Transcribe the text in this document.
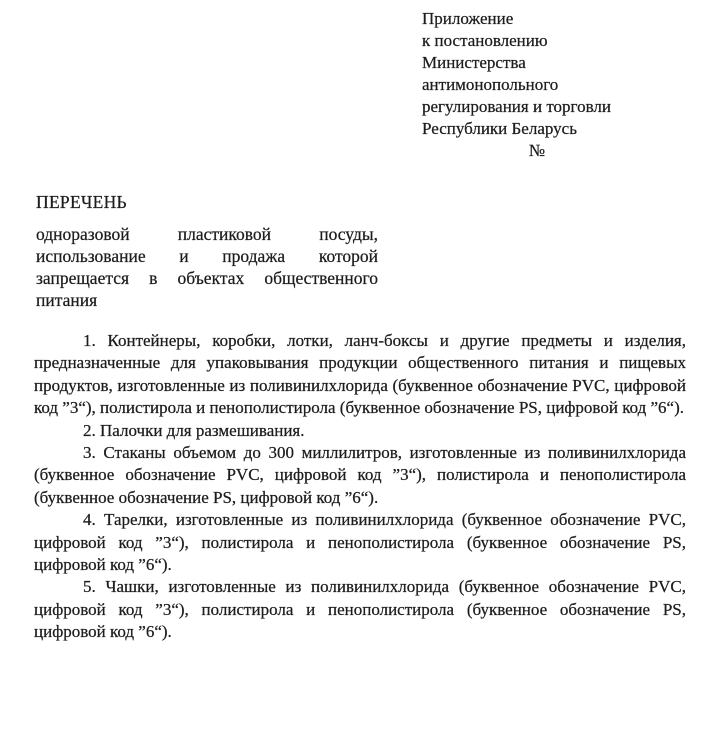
Приложение
к постановлению
Министерства
антимонопольного
регулирования и торговли
Республики Беларусь
№
ПЕРЕЧЕНЬ
одноразовой пластиковой посуды, использование и продажа которой запрещается в объектах общественного питания

1. Контейнеры, коробки, лотки, ланч-боксы и другие предметы и изделия, предназначенные для упаковывания продукции общественного питания и пищевых продуктов, изготовленные из поливинилхлорида (буквенное обозначение PVC, цифровой код ”3“), полистирола и пенополистирола (буквенное обозначение PS, цифровой код ”6“).

2. Палочки для размешивания.

3. Стаканы объемом до 300 миллилитров, изготовленные из поливинилхлорида (буквенное обозначение PVC, цифровой код ”3“), полистирола и пенополистирола (буквенное обозначение PS, цифровой код ”6“).

4. Тарелки, изготовленные из поливинилхлорида (буквенное обозначение PVC, цифровой код ”3“), полистирола и пенополистирола (буквенное обозначение PS, цифровой код ”6“).

5. Чашки, изготовленные из поливинилхлорида (буквенное обозначение PVC, цифровой код ”3“), полистирола и пенополистирола (буквенное обозначение PS, цифровой код ”6“).
